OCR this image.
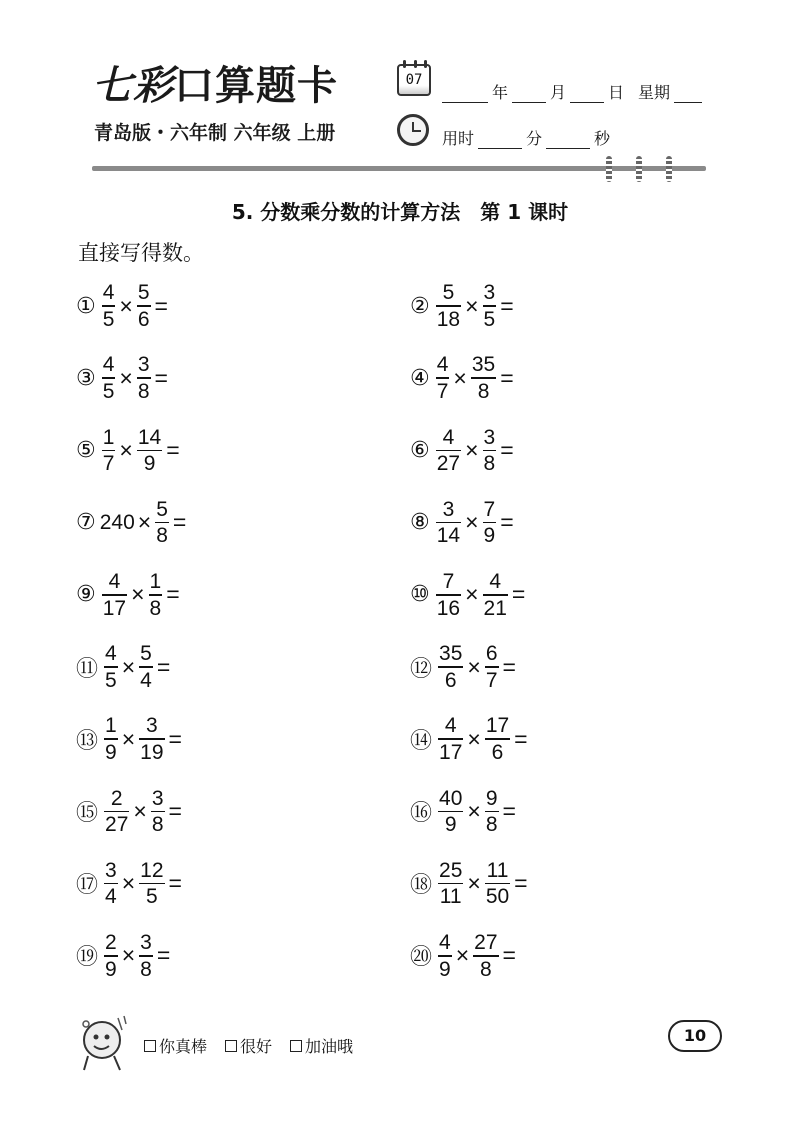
七彩口算题卡
青岛版・六年制 六年级 上册
07
年	月	日 星期
用时	分	秒
5. 分数乘分数的计算方法　第 1 课时
直接写得数。
① $\frac{4}{5} \times \frac{5}{6}$ =	② $\frac{5}{18} \times \frac{3}{5}$ =
③ $\frac{4}{5} \times \frac{3}{8}$ =	④ $\frac{4}{7} \times \frac{35}{8}$ =
⑤ $\frac{1}{7} \times \frac{14}{9}$ =	⑥ $\frac{4}{27} \times \frac{3}{8}$ =
⑦ $240 \times \frac{5}{8}$ =	⑧ $\frac{3}{14} \times \frac{7}{9}$ =
⑨ $\frac{4}{17} \times \frac{1}{8}$ =	⑩ $\frac{7}{16} \times \frac{4}{21}$ =
⑪ $\frac{4}{5} \times \frac{5}{4}$ =	⑫ $\frac{35}{6} \times \frac{6}{7}$ =
⑬ $\frac{1}{9} \times \frac{3}{19}$ =	⑭ $\frac{4}{17} \times \frac{17}{6}$ =
⑮ $\frac{2}{27} \times \frac{3}{8}$ =	⑯ $\frac{40}{9} \times \frac{9}{8}$ =
⑰ $\frac{3}{4} \times \frac{12}{5}$ =	⑱ $\frac{25}{11} \times \frac{11}{50}$ =
⑲ $\frac{2}{9} \times \frac{3}{8}$ =	⑳ $\frac{4}{9} \times \frac{27}{8}$ =
你真棒 很好 加油哦
10
